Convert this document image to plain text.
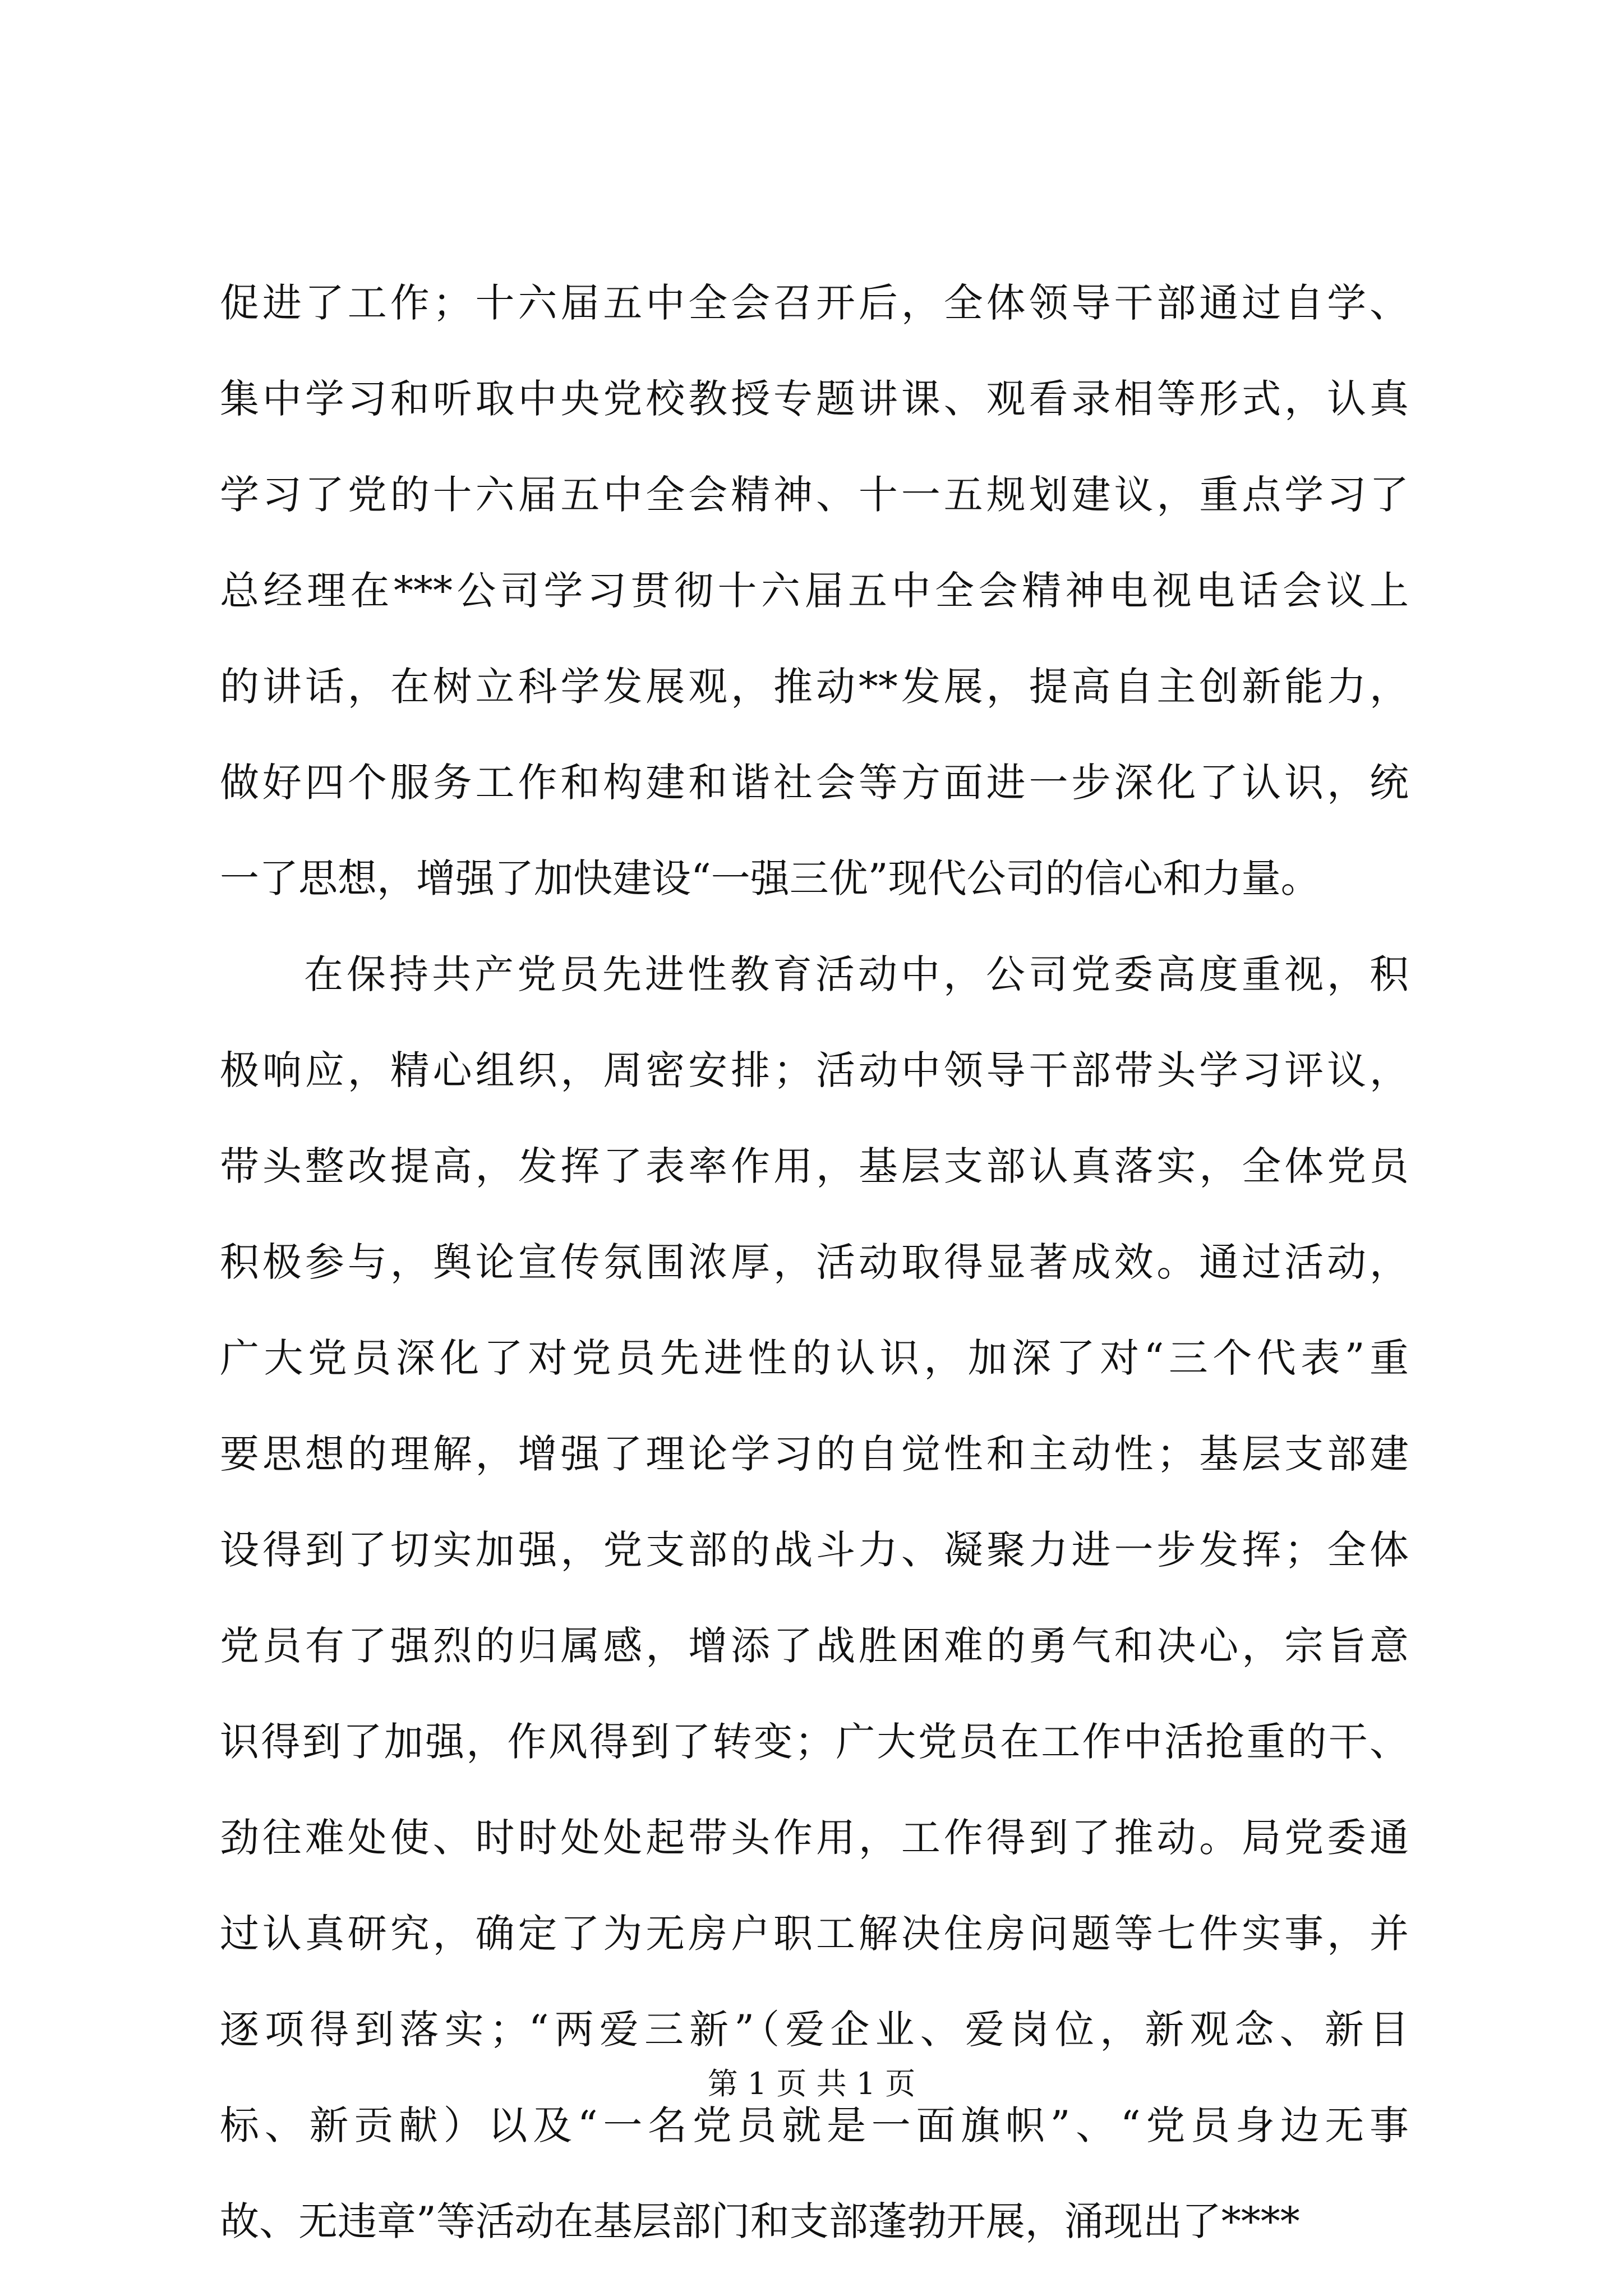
促进了工作；十六届五中全会召开后，全体领导干部通过自学、
集中学习和听取中央党校教授专题讲课、观看录相等形式，认真
学习了党的十六届五中全会精神、十一五规划建议，重点学习了
总经理在***公司学习贯彻十六届五中全会精神电视电话会议上
的讲话，在树立科学发展观，推动**发展，提高自主创新能力，
做好四个服务工作和构建和谐社会等方面进一步深化了认识，统
一了思想，增强了加快建设“一强三优”现代公司的信心和力量。
在保持共产党员先进性教育活动中，公司党委高度重视，积
极响应，精心组织，周密安排；活动中领导干部带头学习评议，
带头整改提高，发挥了表率作用，基层支部认真落实，全体党员
积极参与，舆论宣传氛围浓厚，活动取得显著成效。通过活动，
广大党员深化了对党员先进性的认识，加深了对“三个代表”重
要思想的理解，增强了理论学习的自觉性和主动性；基层支部建
设得到了切实加强，党支部的战斗力、凝聚力进一步发挥；全体
党员有了强烈的归属感，增添了战胜困难的勇气和决心，宗旨意
识得到了加强，作风得到了转变；广大党员在工作中活抢重的干、
劲往难处使、时时处处起带头作用，工作得到了推动。局党委通
过认真研究，确定了为无房户职工解决住房问题等七件实事，并
逐项得到落实；“两爱三新”（爱企业、爱岗位，新观念、新目
标、新贡献）以及“一名党员就是一面旗帜”、“党员身边无事
故、无违章”等活动在基层部门和支部蓬勃开展，涌现出了****
第 1 页 共 1 页
